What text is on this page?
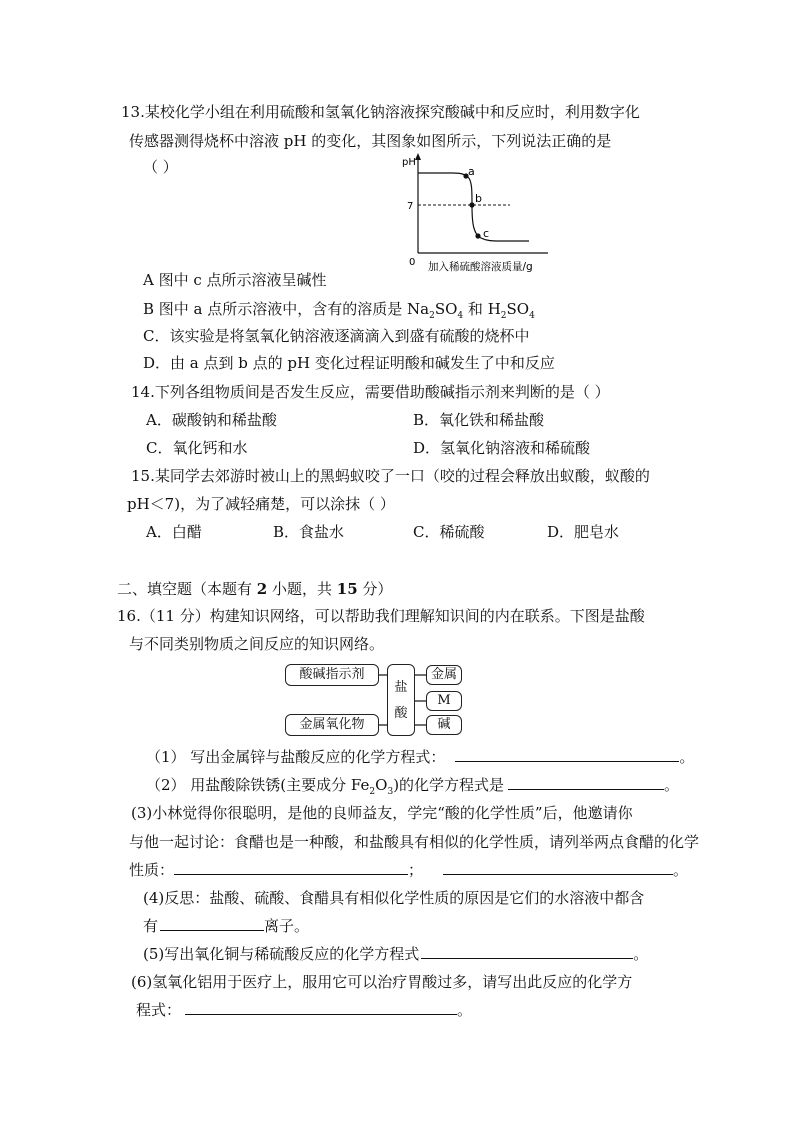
13.某校化学小组在利用硫酸和氢氧化钠溶液探究酸碱中和反应时，利用数字化
传感器测得烧杯中溶液 pH 的变化，其图象如图所示，下列说法正确的是
（ ）	pH
7
0
a
b
c
加入稀硫酸溶液质量/g
A 图中 c 点所示溶液呈碱性
B 图中 a 点所示溶液中，含有的溶质是 $Na_2SO_4$ 和 $H_2SO_4$
C．该实验是将氢氧化钠溶液逐滴滴入到盛有硫酸的烧杯中
D．由 a 点到 b 点的 pH 变化过程证明酸和碱发生了中和反应
14.下列各组物质间是否发生反应，需要借助酸碱指示剂来判断的是（ ）
A．碳酸钠和稀盐酸	B．氧化铁和稀盐酸
C．氧化钙和水	D．氢氧化钠溶液和稀硫酸
15.某同学去郊游时被山上的黑蚂蚁咬了一口（咬的过程会释放出蚁酸，蚁酸的
pH＜7)，为了减轻痛楚，可以涂抹（ ）
A．白醋	B．食盐水	C．稀硫酸	D．肥皂水
二、填空题（本题有 2 小题，共 15 分）
16.（11 分）构建知识网络，可以帮助我们理解知识间的内在联系。下图是盐酸
与不同类别物质之间反应的知识网络。
酸碱指示剂
金属氧化物
盐
酸
金属
M
碱
（1） 写出金属锌与盐酸反应的化学方程式：	。
（2） 用盐酸除铁锈(主要成分 $Fe_2O_3$)的化学方程式是	。
(3)小林觉得你很聪明，是他的良师益友，学完“酸的化学性质”后，他邀请你
与他一起讨论：食醋也是一种酸，和盐酸具有相似的化学性质，请列举两点食醋的化学
性质：	；	。
(4)反思：盐酸、硫酸、食醋具有相似化学性质的原因是它们的水溶液中都含
有	离子。
(5)写出氧化铜与稀硫酸反应的化学方程式	。
(6)氢氧化铝用于医疗上，服用它可以治疗胃酸过多，请写出此反应的化学方
程式：	。
